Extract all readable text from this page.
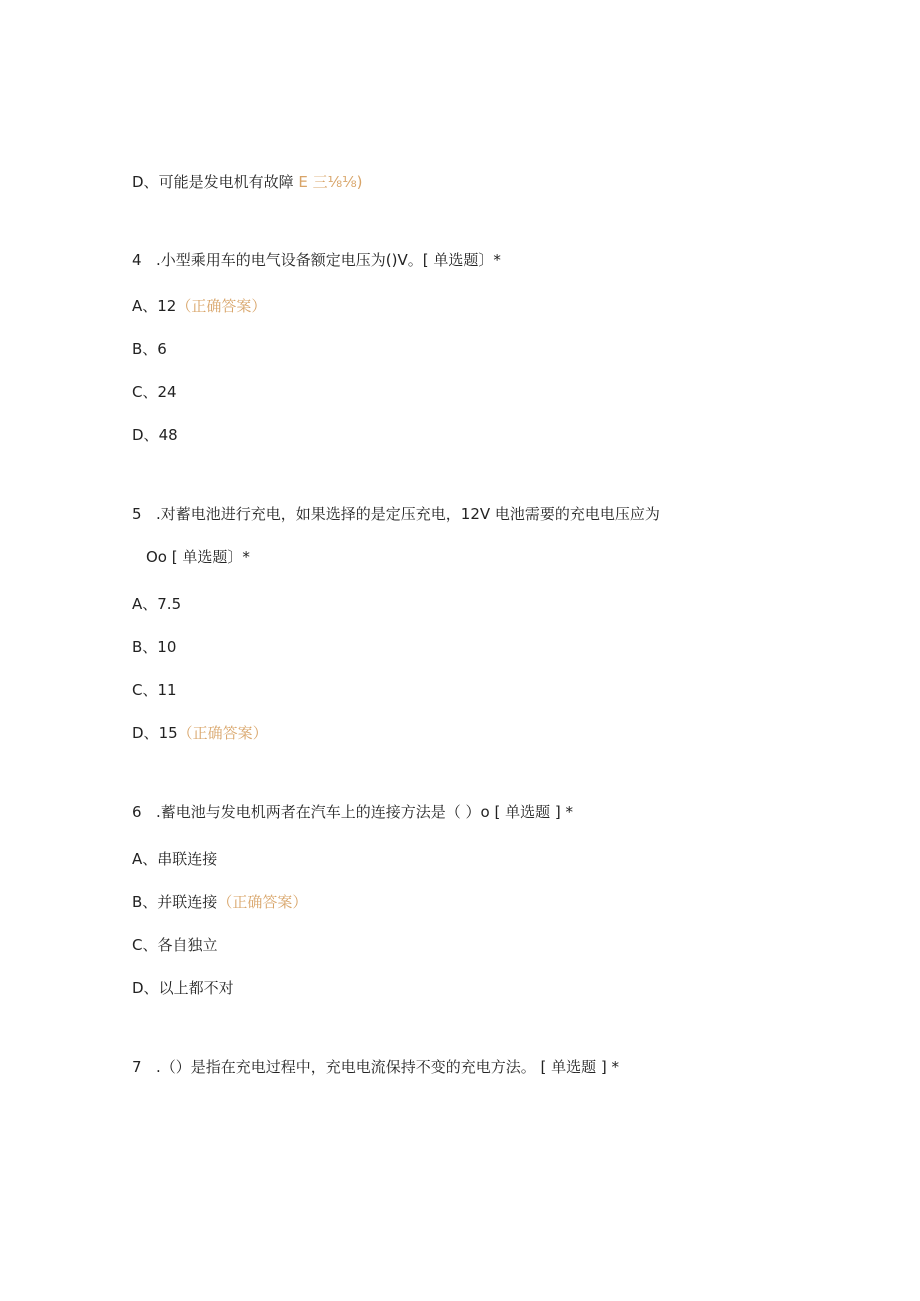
D、可能是发电机有故障 E 三⅛⅛)
4 .小型乘用车的电气设备额定电压为()V。[ 单选题〕*
A、12（正确答案）
B、6
C、24
D、48
5 .对蓄电池进行充电，如果选择的是定压充电，12V 电池需要的充电电压应为
Oo [ 单选题〕*
A、7.5
B、10
C、11
D、15（正确答案）
6 .蓄电池与发电机两者在汽车上的连接方法是（ ）o [ 单选题 ] *
A、串联连接
B、并联连接（正确答案）
C、各自独立
D、以上都不对
7 .（）是指在充电过程中，充电电流保持不变的充电方法。 [ 单选题 ] *
